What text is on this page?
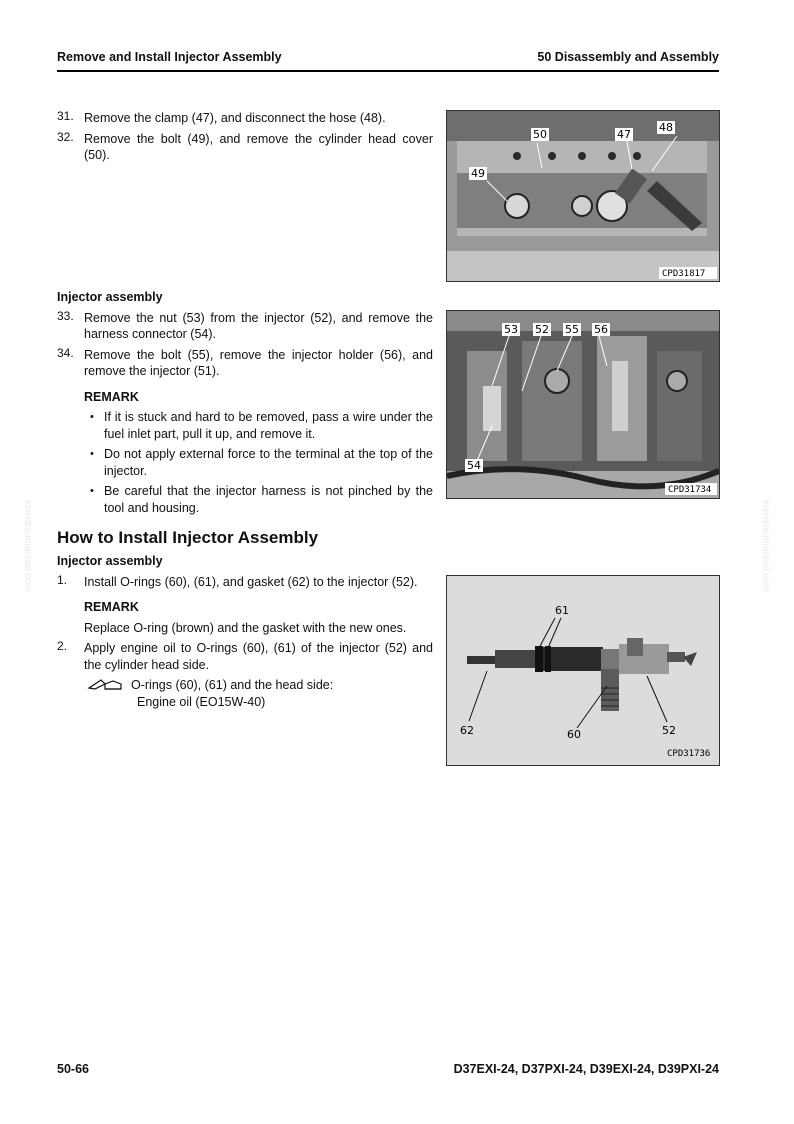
Remove and Install Injector Assembly	50 Disassembly and Assembly
31. Remove the clamp (47), and disconnect the hose (48).
32. Remove the bolt (49), and remove the cylinder head cover (50).
50	47
48
49
CPD31817
Injector assembly
33. Remove the nut (53) from the injector (52), and remove the harness connector (54).
34. Remove the bolt (55), remove the injector holder (56), and remove the injector (51).
REMARK
• If it is stuck and hard to be removed, pass a wire under the fuel inlet part, pull it up, and remove it.
• Do not apply external force to the terminal at the top of the injector.
• Be careful that the injector harness is not pinched by the tool and housing.
53 52 55 56
54
CPD31734
How to Install Injector Assembly
Injector assembly
1. Install O-rings (60), (61), and gasket (62) to the injector (52).
REMARK
Replace O-ring (brown) and the gasket with the new ones.
2. Apply engine oil to O-rings (60), (61) of the injector (52) and the cylinder head side.
O-rings (60), (61) and the head side:
Engine oil (EO15W-40)
61
62	60	52
CPD31736
komatsumanual.com	komatsumanual.com
50-66	D37EXI-24, D37PXI-24, D39EXI-24, D39PXI-24
